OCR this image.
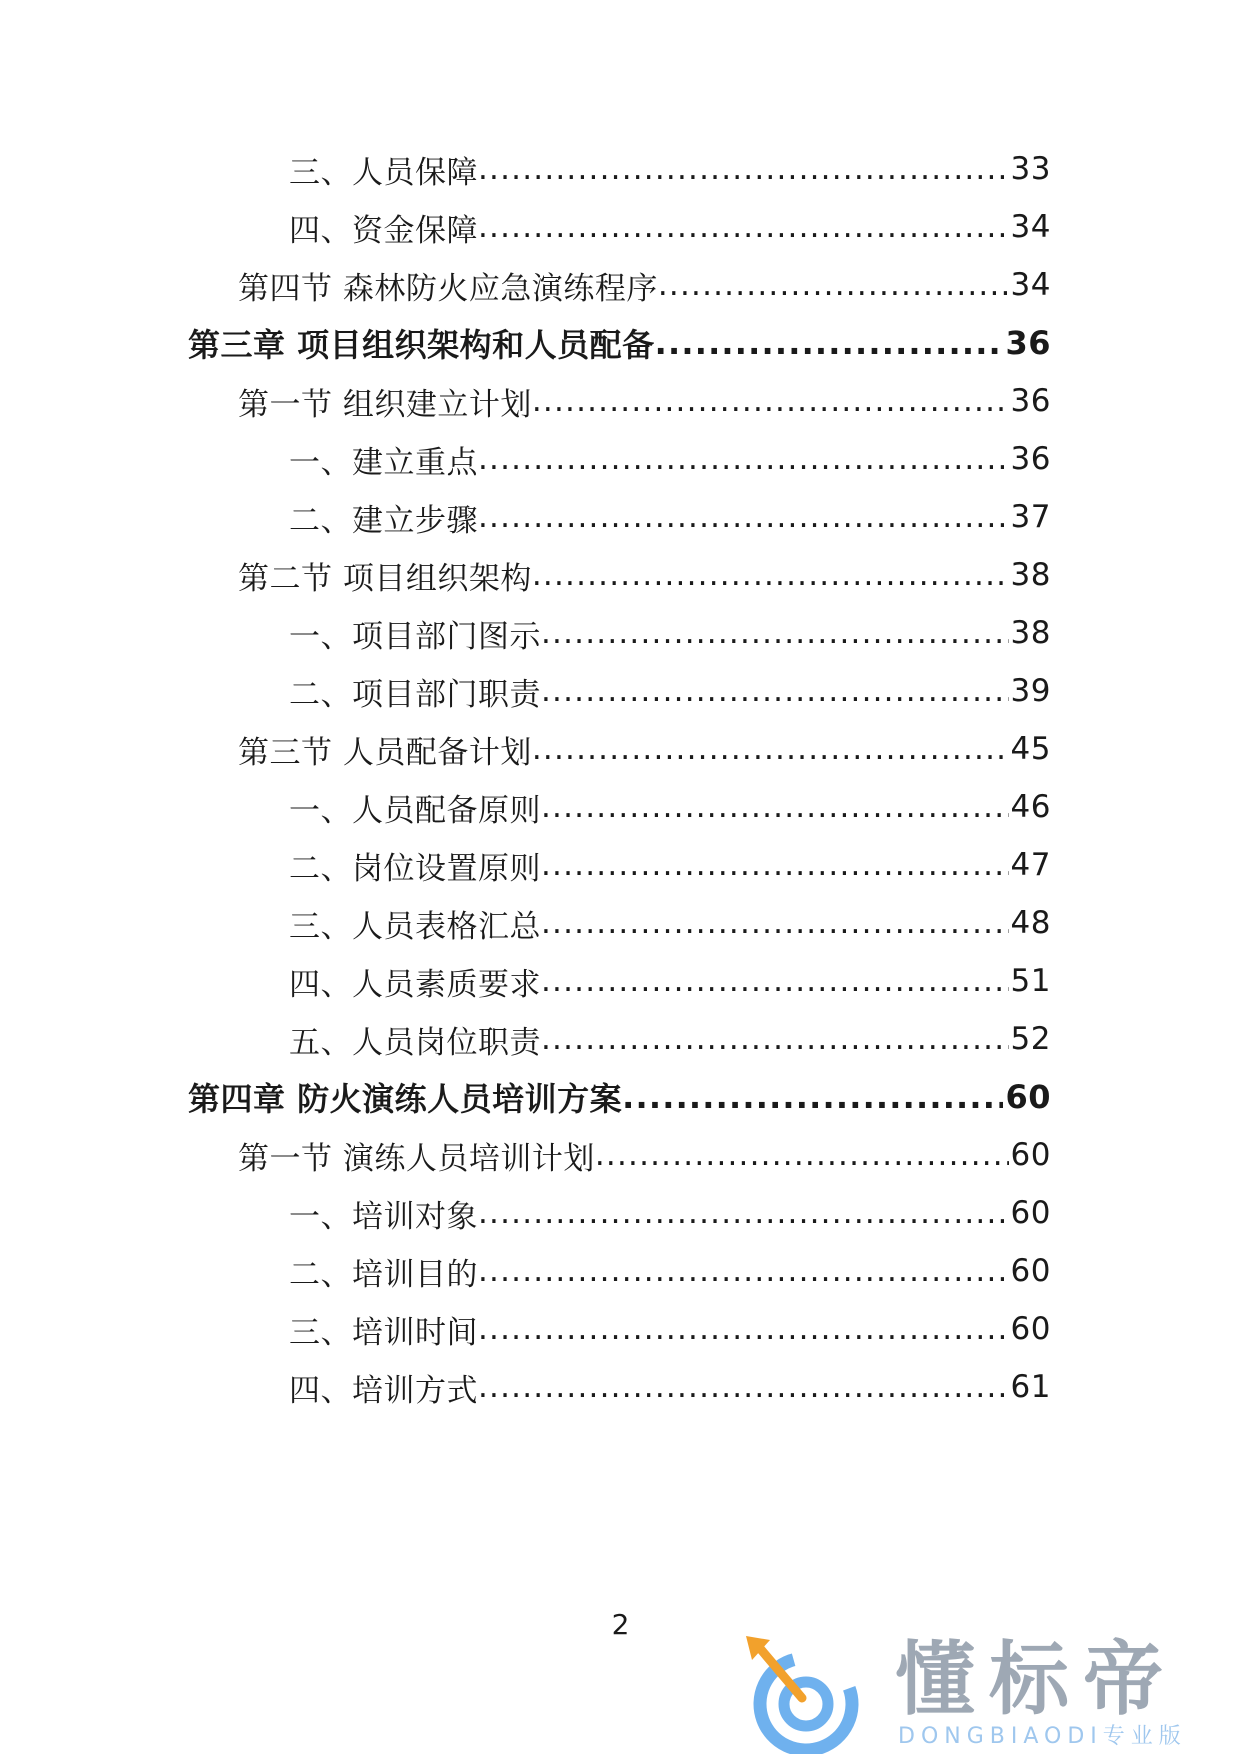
三、人员保障 .....	33
四、资金保障 .....	34
第四节 森林防火应急演练程序 .....	34
第三章 项目组织架构和人员配备 .....	36
第一节 组织建立计划 .....	36
一、建立重点 .....	36
二、建立步骤 .....	37
第二节 项目组织架构 .....	38
一、项目部门图示 .....	38
二、项目部门职责 .....	39
第三节 人员配备计划 .....	45
一、人员配备原则 .....	46
二、岗位设置原则 .....	47
三、人员表格汇总 .....	48
四、人员素质要求 .....	51
五、人员岗位职责 .....	52
第四章 防火演练人员培训方案 .....	60
第一节 演练人员培训计划 .....	60
一、培训对象 .....	60
二、培训目的 .....	60
三、培训时间 .....	60
四、培训方式 .....	61
2
懂标帝
DONGBIAODI专业版
